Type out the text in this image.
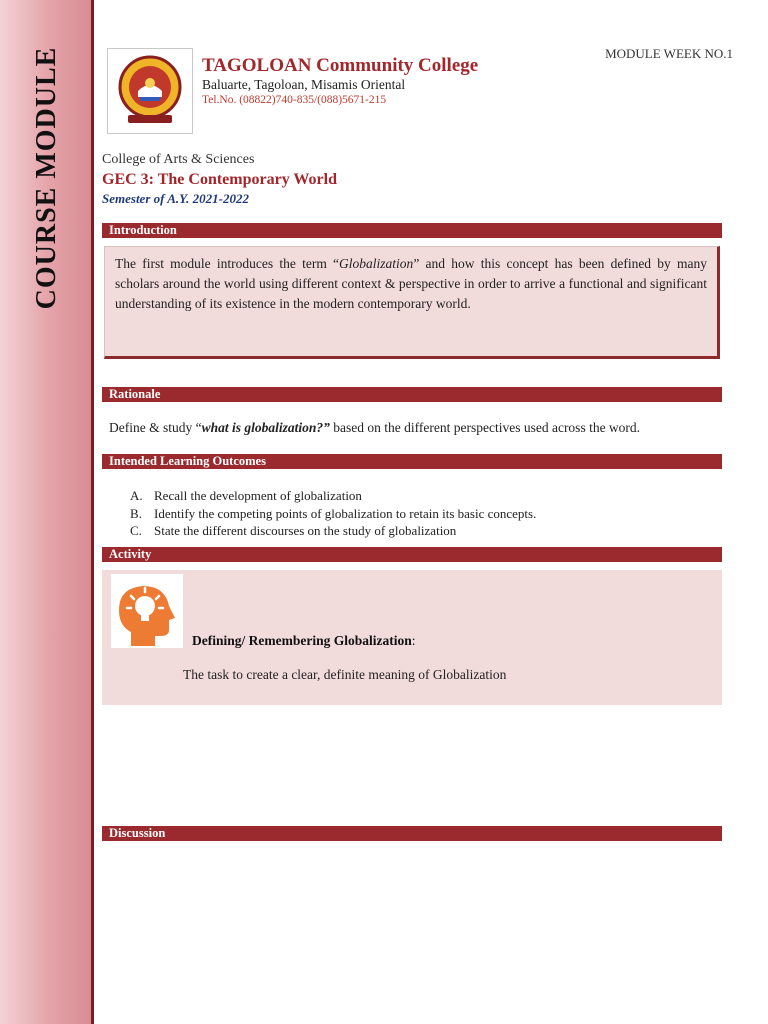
COURSE MODULE	TAGOLOAN Community College
Baluarte, Tagoloan, Misamis Oriental
Tel.No. (08822)740-835/(088)5671-215
MODULE WEEK NO.1
College of Arts & Sciences
GEC 3: The Contemporary World
Semester of A.Y. 2021-2022
Introduction
The first module introduces the term “Globalization” and how this concept has been defined by many scholars around the world using different context & perspective in order to arrive a functional and significant understanding of its existence in the modern contemporary world.
Rationale
Define & study “what is globalization?” based on the different perspectives used across the word.
Intended Learning Outcomes
A. Recall the development of globalization
B. Identify the competing points of globalization to retain its basic concepts.
C. State the different discourses on the study of globalization
Activity
Defining/ Remembering Globalization:
The task to create a clear, definite meaning of Globalization
Discussion
